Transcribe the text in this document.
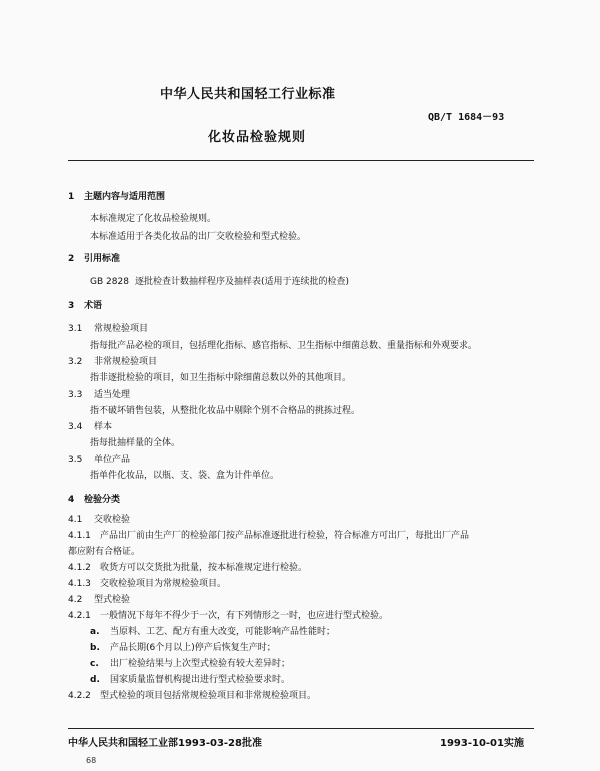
中华人民共和国轻工行业标准
QB/T 1684－93
化妆品检验规则
1 主题内容与适用范围
本标准规定了化妆品检验规则。
本标准适用于各类化妆品的出厂交收检验和型式检验。
2 引用标准
GB 2828 逐批检查计数抽样程序及抽样表(适用于连续批的检查)
3 术语
3.1 常规检验项目
指每批产品必检的项目，包括理化指标、感官指标、卫生指标中细菌总数、重量指标和外观要求。
3.2 非常规检验项目
指非逐批检验的项目，如卫生指标中除细菌总数以外的其他项目。
3.3 适当处理
指不破坏销售包装，从整批化妆品中剔除个别不合格品的挑拣过程。
3.4 样本
指每批抽样量的全体。
3.5 单位产品
指单件化妆品，以瓶、支、袋、盒为计件单位。
4 检验分类
4.1 交收检验
4.1.1 产品出厂前由生产厂的检验部门按产品标准逐批进行检验，符合标准方可出厂，每批出厂产品
都应附有合格证。
4.1.2 收货方可以交货批为批量，按本标准规定进行检验。
4.1.3 交收检验项目为常规检验项目。
4.2 型式检验
4.2.1 一般情况下每年不得少于一次，有下列情形之一时，也应进行型式检验。
a. 当原料、工艺、配方有重大改变，可能影响产品性能时；
b. 产品长期(6个月以上)停产后恢复生产时；
c. 出厂检验结果与上次型式检验有较大差异时；
d. 国家质量监督机构提出进行型式检验要求时。
4.2.2 型式检验的项目包括常规检验项目和非常规检验项目。
中华人民共和国轻工业部1993-03-28批准	1993-10-01实施
68
